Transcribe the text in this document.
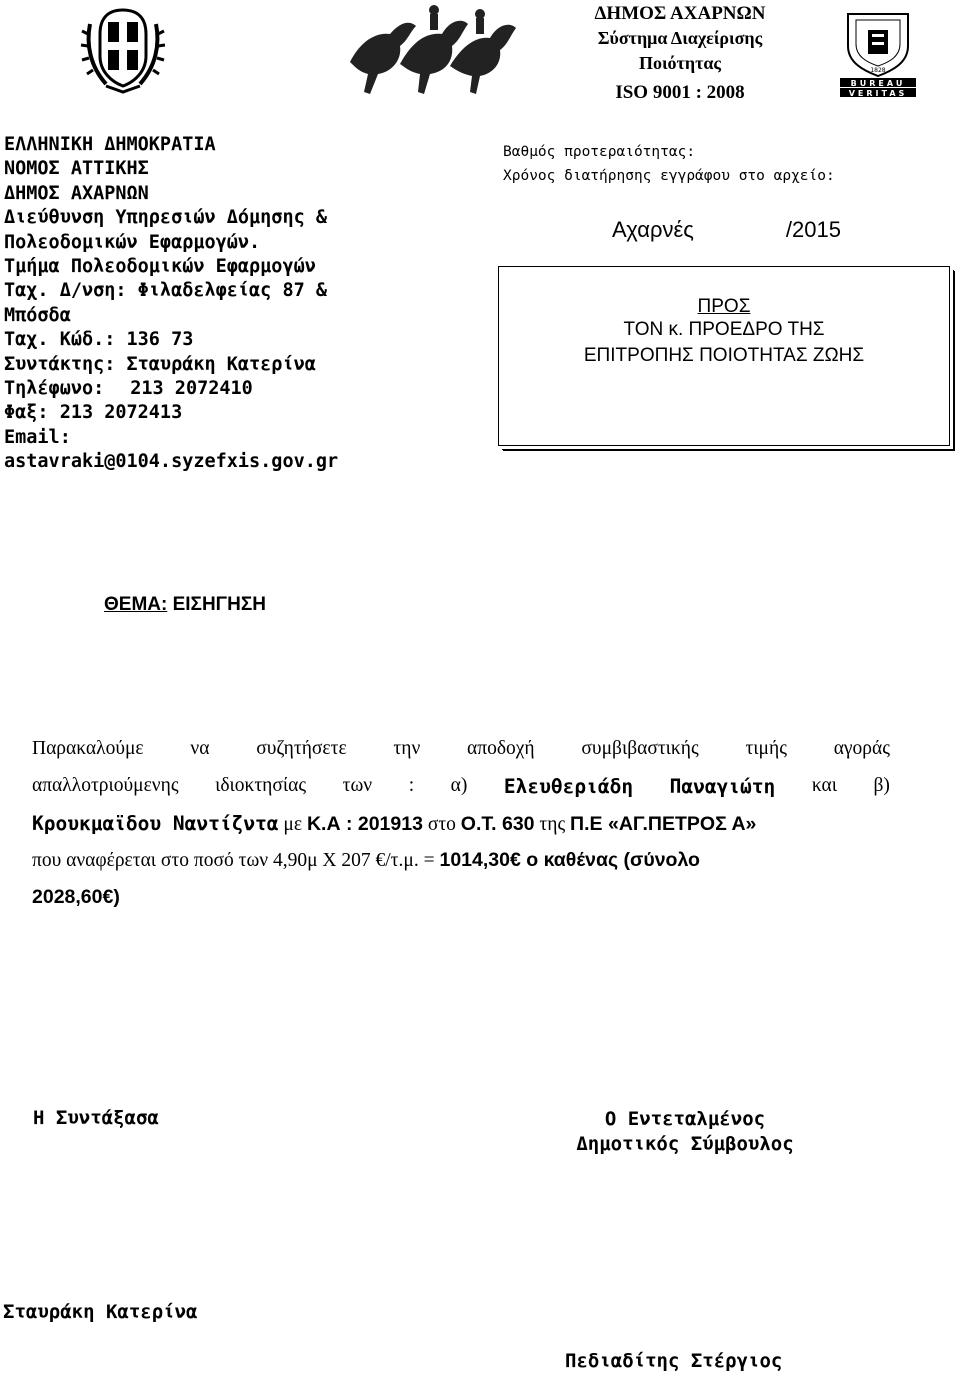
ΔΗΜΟΣ ΑΧΑΡΝΩΝ
Σύστημα Διαχείρισης
Ποιότητας
ISO 9001 : 2008	BUREAU
VERITAS
1828
ΕΛΛΗΝΙΚΗ ΔΗΜΟΚΡΑΤΙΑ
ΝΟΜΟΣ ΑΤΤΙΚΗΣ
ΔΗΜΟΣ ΑΧΑΡΝΩΝ
Διεύθυνση Υπηρεσιών Δόμησης &
Πολεοδομικών Εφαρμογών.
Τμήμα Πολεοδομικών Εφαρμογών
Ταχ. Δ/νση: Φιλαδελφείας 87 &
Μπόσδα
Ταχ. Κώδ.: 136 73
Συντάκτης: Σταυράκη Κατερίνα
Τηλέφωνο: 213 2072410
Φαξ: 213 2072413
Email:
astavraki@0104.syzefxis.gov.gr
Βαθμός προτεραιότητας:
Χρόνος διατήρησης εγγράφου στο αρχείο:
Αχαρνές	/2015
ΠΡΟΣ
ΤΟΝ κ. ΠΡΟΕΔΡΟ ΤΗΣ
ΕΠΙΤΡΟΠΗΣ ΠΟΙΟΤΗΤΑΣ ΖΩΗΣ
ΘΕΜΑ: ΕΙΣΗΓΗΣΗ
Παρακαλούμε να συζητήσετε την αποδοχή συμβιβαστικής τιμής αγοράς
απαλλοτριούμενης ιδιοκτησίας των : α) Ελευθεριάδη Παναγιώτη και β)
Κρουκμαϊδου Ναντίζντα με Κ.Α : 201913 στο Ο.Τ. 630 της Π.Ε «ΑΓ.ΠΕΤΡΟΣ Α»
που αναφέρεται στο ποσό των 4,90μ Χ 207 €/τ.μ. = 1014,30€ ο καθένας (σύνολο
2028,60€)
Η Συντάξασα	Ο Εντεταλμένος
Δημοτικός Σύμβουλος
Σταυράκη Κατερίνα
Πεδιαδίτης Στέργιος
